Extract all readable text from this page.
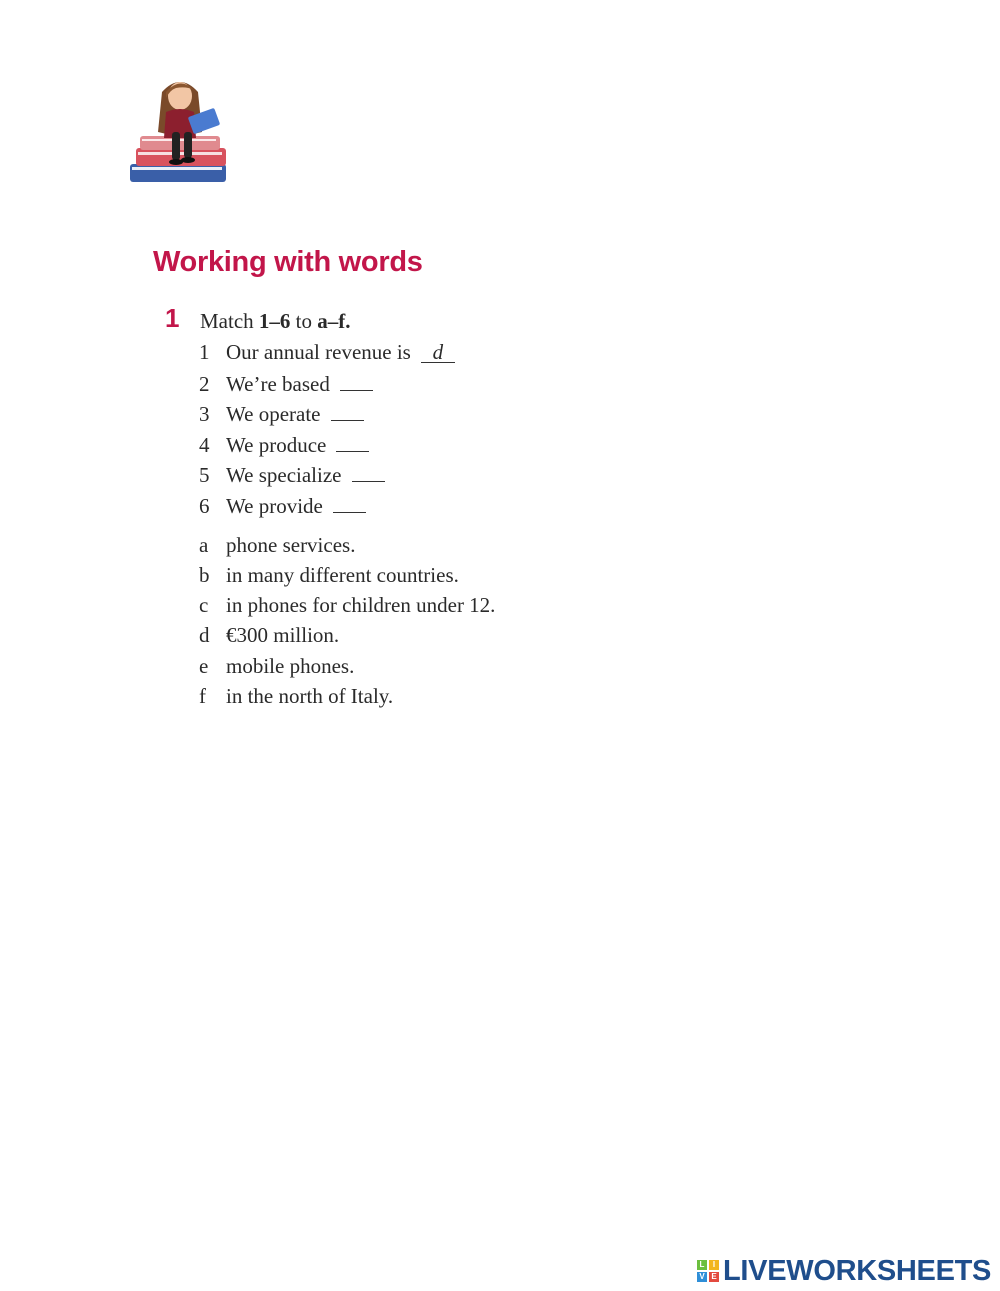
Working with words
1 Match 1–6 to a–f.
1 Our annual revenue is d
2 We’re based
3 We operate
4 We produce
5 We specialize
6 We provide
a phone services.
b in many different countries.
c in phones for children under 12.
d €300 million.
e mobile phones.
f in the north of Italy.
L	I
V E LIVEWORKSHEETS
